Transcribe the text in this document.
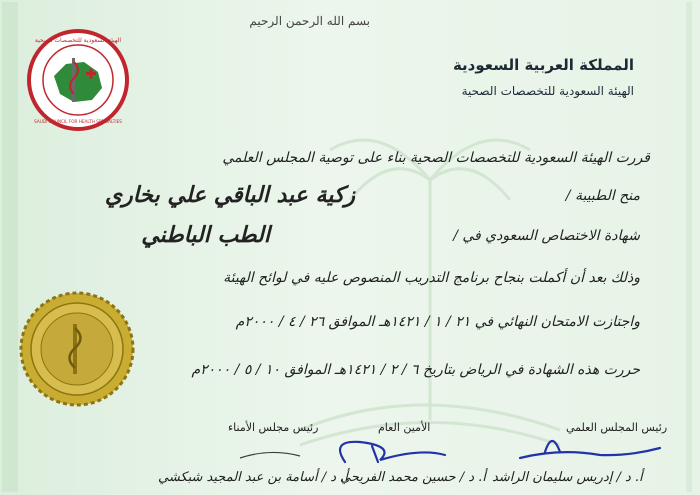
بسم الله الرحمن الرحيم
المملكة العربية السعودية
الهيئة السعودية للتخصصات الصحية
الهيئة السعودية للتخصصات الصحية
SAUDI COUNCIL FOR HEALTH SPECIALTIES
قررت الهيئة السعودية للتخصصات الصحية بناء على توصية المجلس العلمي
منح الطبيبة /
زكية عبد الباقي علي بخاري
شهادة الاختصاص السعودي في /
الطب الباطني
وذلك بعد أن أكملت بنجاح برنامج التدريب المنصوص عليه في لوائح الهيئة
واجتازت الامتحان النهائي في ٢١ / ١ / ١٤٢١هـ الموافق ٢٦ / ٤ / ٢٠٠٠م
حررت هذه الشهادة في الرياض بتاريخ ٦ / ٢ / ١٤٢١هـ الموافق ١٠ / ٥ / ٢٠٠٠م
رئيس مجلس الأمناء	الأمين العام	رئيس المجلس العلمي
أ. د / أسامة بن عبد المجيد شبكشي
أ. د / حسين محمد الفريحي أ. د / إدريس سليمان الراشد
